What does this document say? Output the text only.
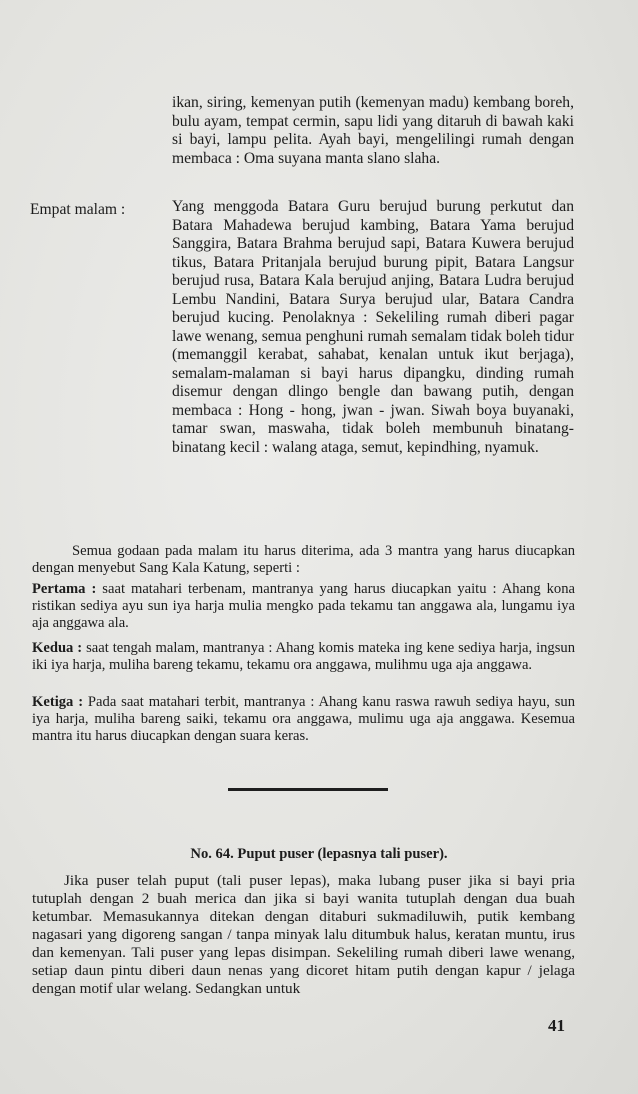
ikan, siring, kemenyan putih (kemenyan madu) kembang boreh, bulu ayam, tempat cermin, sapu lidi yang ditaruh di bawah kaki si bayi, lampu pelita. Ayah bayi, mengelilingi rumah dengan membaca : Oma suyana manta slano slaha.

Empat malam :	Yang menggoda Batara Guru berujud burung perkutut dan Batara Mahadewa berujud kambing, Batara Yama berujud Sanggira, Batara Brahma berujud sapi, Batara Kuwera berujud tikus, Batara Pritanjala berujud burung pipit, Batara Langsur berujud rusa, Batara Kala berujud anjing, Batara Ludra berujud Lembu Nandini, Batara Surya berujud ular, Batara Candra berujud kucing. Penolaknya : Sekeliling rumah diberi pagar lawe wenang, semua penghuni rumah semalam tidak boleh tidur (memanggil kerabat, sahabat, kenalan untuk ikut berjaga), semalam-malaman si bayi harus dipangku, dinding rumah disemur dengan dlingo bengle dan bawang putih, dengan membaca : Hong - hong, jwan - jwan. Siwah boya buyanaki, tamar swan, maswaha, tidak boleh membunuh binatang-binatang kecil : walang ataga, semut, kepindhing, nyamuk.

Semua godaan pada malam itu harus diterima, ada 3 mantra yang harus diucapkan dengan menyebut Sang Kala Katung, seperti :

Pertama : saat matahari terbenam, mantranya yang harus diucapkan yaitu : Ahang kona ristikan sediya ayu sun iya harja mulia mengko pada tekamu tan anggawa ala, lungamu iya aja anggawa ala.

Kedua : saat tengah malam, mantranya : Ahang komis mateka ing kene sediya harja, ingsun iki iya harja, muliha bareng tekamu, tekamu ora anggawa, mulihmu uga aja anggawa.

Ketiga : Pada saat matahari terbit, mantranya : Ahang kanu raswa rawuh sediya hayu, sun iya harja, muliha bareng saiki, tekamu ora anggawa, mulimu uga aja anggawa. Kesemua mantra itu harus diucapkan dengan suara keras.

No. 64. Puput puser (lepasnya tali puser).

Jika puser telah puput (tali puser lepas), maka lubang puser jika si bayi pria tutuplah dengan 2 buah merica dan jika si bayi wanita tutuplah dengan dua buah ketumbar. Memasukannya ditekan dengan ditaburi sukmadiluwih, putik kembang nagasari yang digoreng sangan / tanpa minyak lalu ditumbuk halus, keratan muntu, irus dan kemenyan. Tali puser yang lepas disimpan. Sekeliling rumah diberi lawe wenang, setiap daun pintu diberi daun nenas yang dicoret hitam putih dengan kapur / jelaga dengan motif ular welang. Sedangkan untuk

41
